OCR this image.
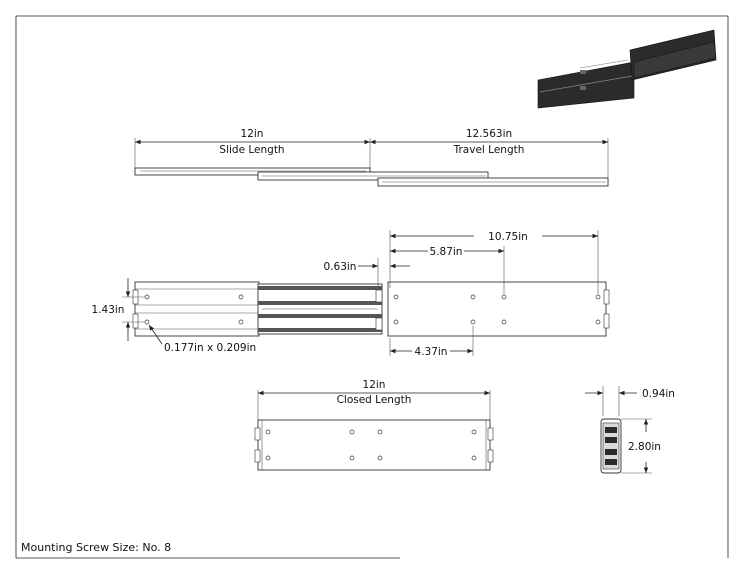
12in
Slide Length
12.563in
Travel Length
10.75in
5.87in
0.63in
1.43in
0.177in x 0.209in	4.37in
12in
Closed Length	0.94in
2.80in
Mounting Screw Size: No. 8
